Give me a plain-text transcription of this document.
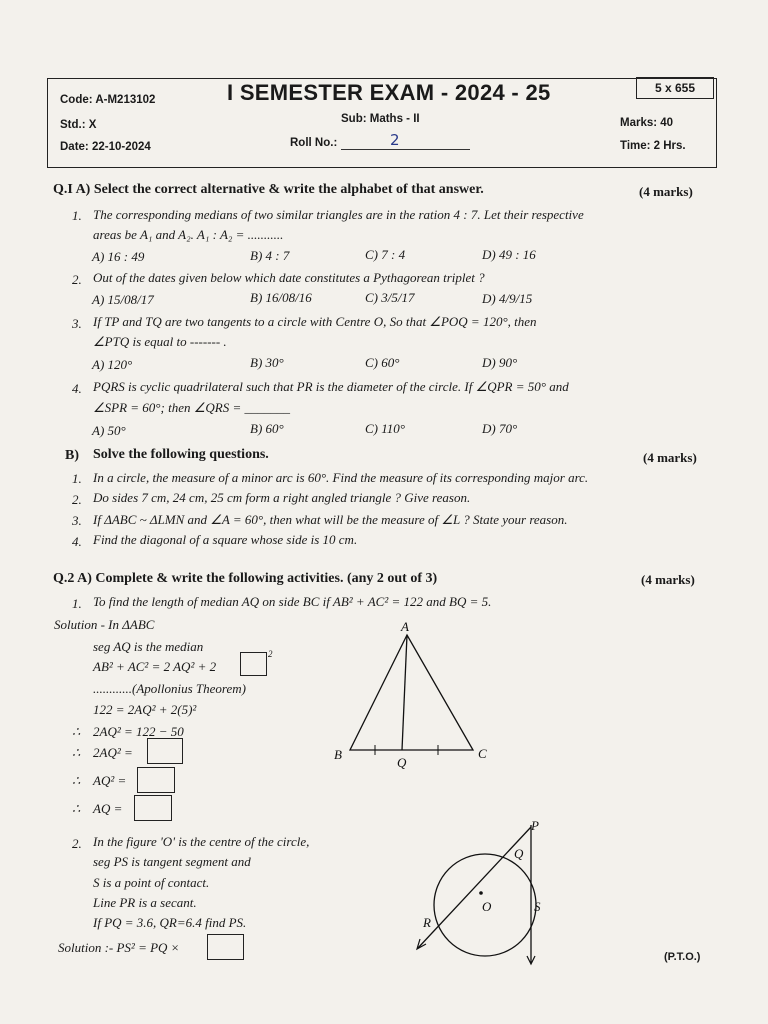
5 x 655
Code: A-M213102	I SEMESTER EXAM - 2024 - 25
Std.: X	Sub: Maths - II	Marks: 40
Date: 22-10-2024	Roll No.:	2	Time: 2 Hrs.
Q.I A) Select the correct alternative & write the alphabet of that answer.	(4 marks)
1. The corresponding medians of two similar triangles are in the ration 4 : 7. Let their respective
areas be A₁ and A₂. A₁ : A₂ = ...........
A) 16 : 49	B) 4 : 7	C) 7 : 4	D) 49 : 16
2. Out of the dates given below which date constitutes a Pythagorean triplet ?
A) 15/08/17	B) 16/08/16	C) 3/5/17	D) 4/9/15
3. If TP and TQ are two tangents to a circle with Centre O, So that ∠POQ = 120°, then
∠PTQ is equal to ------- .
A) 120°	B) 30°	C) 60°	D) 90°
4. PQRS is cyclic quadrilateral such that PR is the diameter of the circle. If ∠QPR = 50° and
∠SPR = 60°; then ∠QRS = _______
A) 50°	B) 60°	C) 110°	D) 70°
B) Solve the following questions.	(4 marks)
1. In a circle, the measure of a minor arc is 60°. Find the measure of its corresponding major arc.
2. Do sides 7 cm, 24 cm, 25 cm form a right angled triangle ? Give reason.
3. If ΔABC ~ ΔLMN and ∠A = 60°, then what will be the measure of ∠L ? State your reason.
4. Find the diagonal of a square whose side is 10 cm.
Q.2 A) Complete & write the following activities. (any 2 out of 3)	(4 marks)
1. To find the length of median AQ on side BC if AB² + AC² = 122 and BQ = 5.
Solution - In ΔABC
seg AQ is the median
AB² + AC² = 2 AQ² + 2
2
............(Apollonius Theorem)
122 = 2AQ² + 2(5)²
∴ 2AQ² = 122 − 50
∴ 2AQ² =
∴ AQ² =
∴ AQ =
A
B	C
Q
2. In the figure 'O' is the centre of the circle,
seg PS is tangent segment and
S is a point of contact.
Line PR is a secant.
If PQ = 3.6, QR=6.4 find PS.
Solution :- PS² = PQ ×
P
Q
O	S
R
(P.T.O.)
